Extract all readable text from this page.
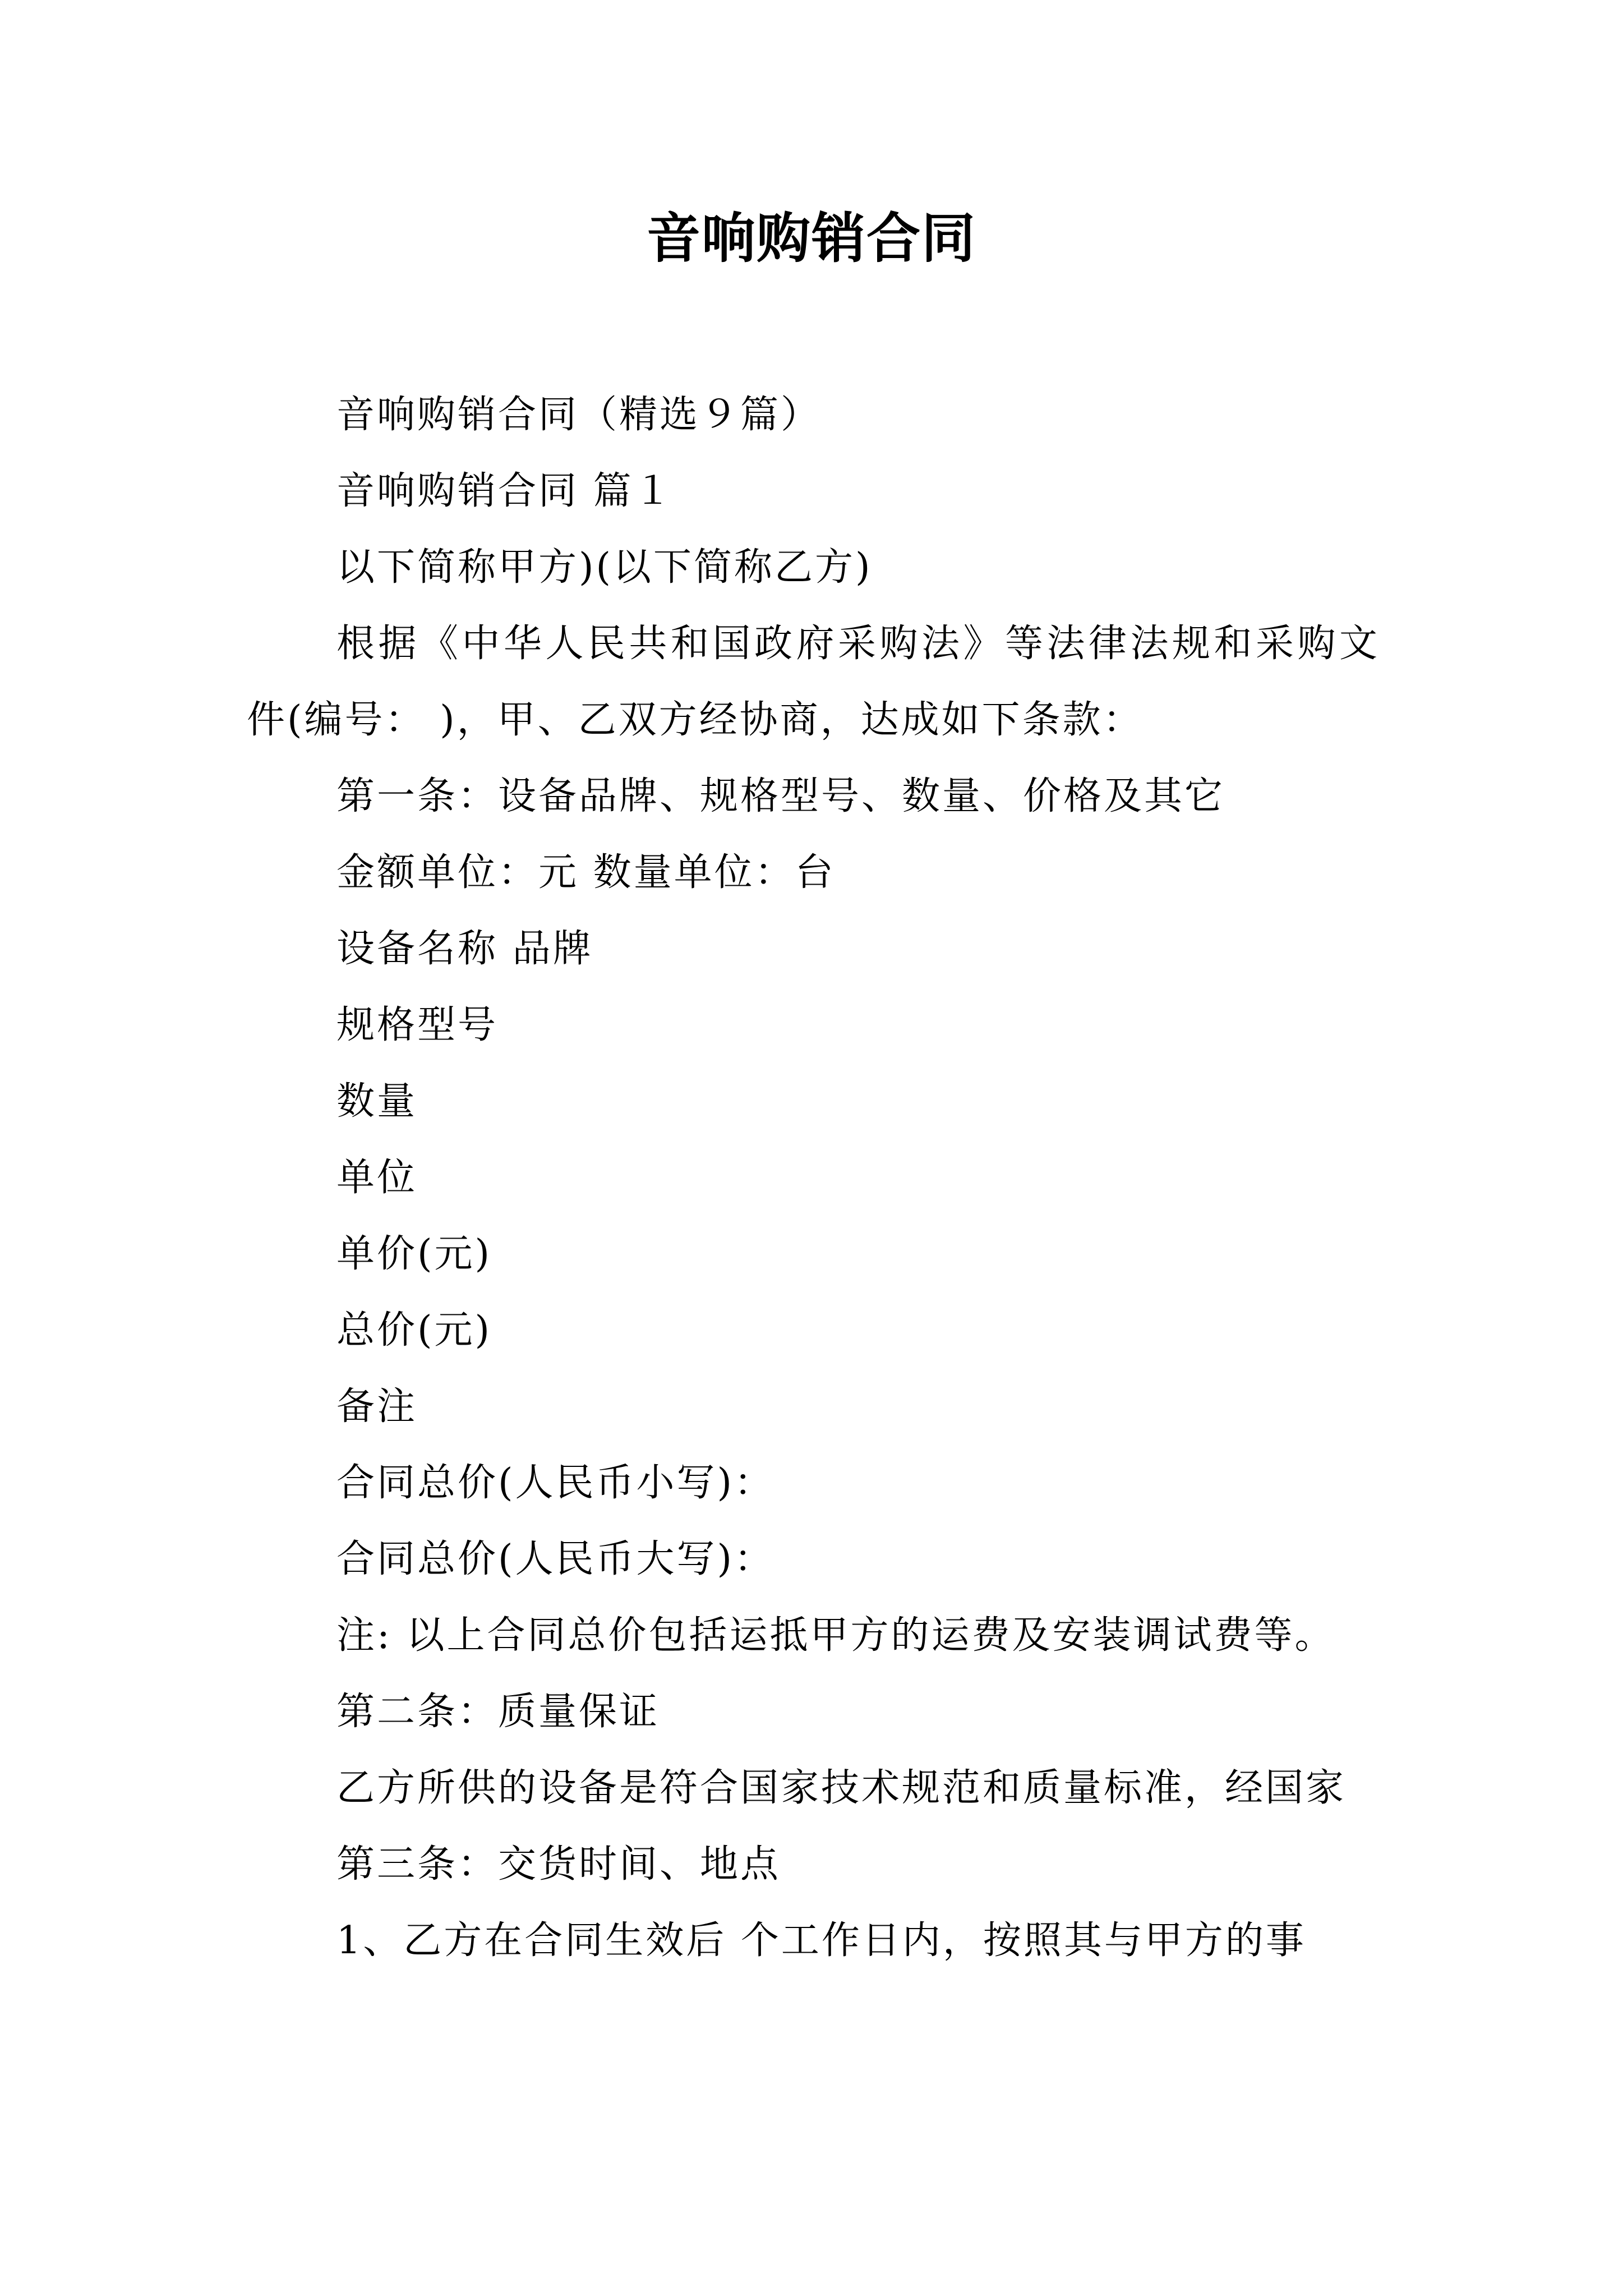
音响购销合同

音响购销合同（精选９篇）

音响购销合同 篇１

以下简称甲方)(以下简称乙方)

根据《中华人民共和国政府采购法》等法律法规和采购文件(编号： )，甲、乙双方经协商，达成如下条款：

第一条：设备品牌、规格型号、数量、价格及其它

金额单位：元 数量单位：台

设备名称 品牌

规格型号

数量

单位

单价(元)

总价(元)

备注

合同总价(人民币小写)：

合同总价(人民币大写)：

注: 以上合同总价包括运抵甲方的运费及安装调试费等。

第二条：质量保证

乙方所供的设备是符合国家技术规范和质量标准，经国家

第三条：交货时间、地点

1、乙方在合同生效后 个工作日内，按照其与甲方的事
